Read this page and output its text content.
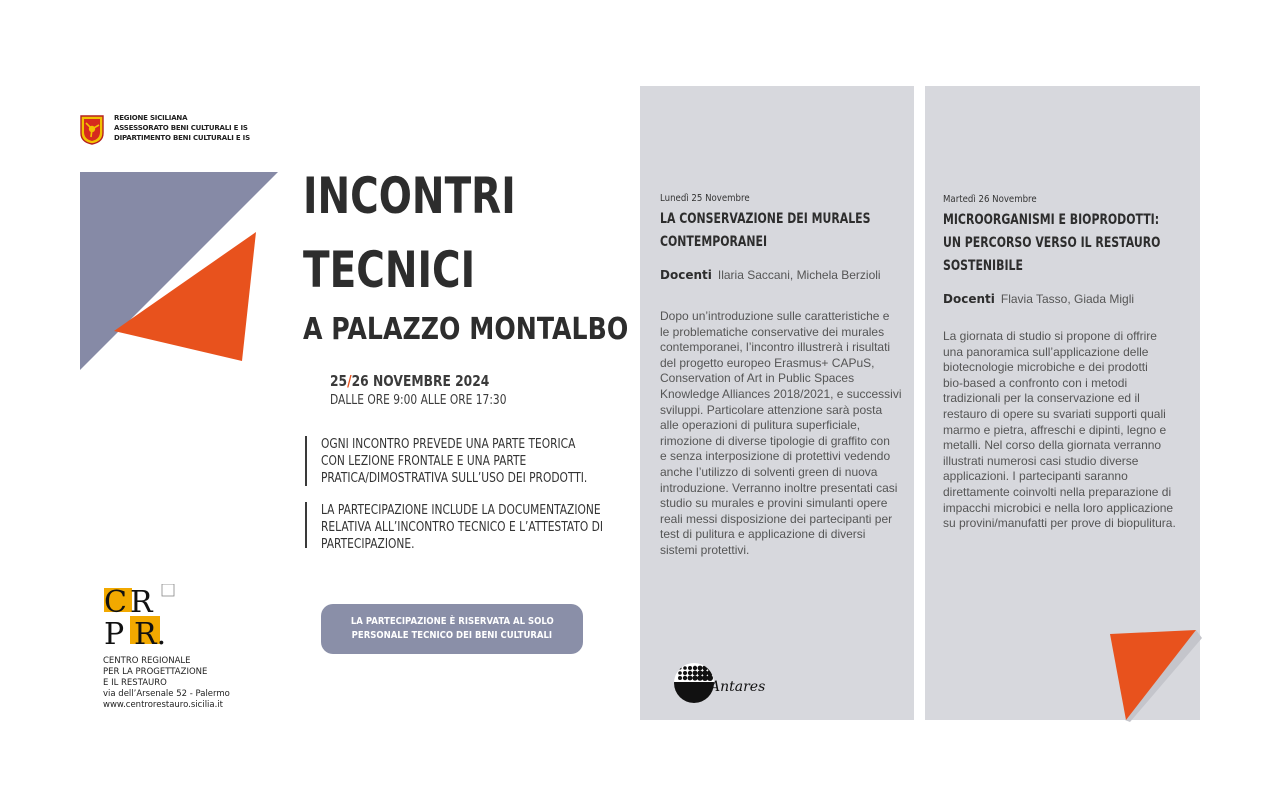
REGIONE SICILIANA
ASSESSORATO BENI CULTURALI E IS
DIPARTIMENTO BENI CULTURALI E IS
INCONTRI
TECNICI
A PALAZZO MONTALBO
25/26 NOVEMBRE 2024
DALLE ORE 9:00 ALLE ORE 17:30
OGNI INCONTRO PREVEDE UNA PARTE TEORICA
CON LEZIONE FRONTALE E UNA PARTE
PRATICA/DIMOSTRATIVA SULL’USO DEI PRODOTTI.
LA PARTECIPAZIONE INCLUDE LA DOCUMENTAZIONE
RELATIVA ALL’INCONTRO TECNICO E L’ATTESTATO DI
PARTECIPAZIONE.
LA PARTECIPAZIONE È RISERVATA AL SOLO
PERSONALE TECNICO DEI BENI CULTURALI
C R
P R.
CENTRO REGIONALE
PER LA PROGETTAZIONE
E IL RESTAURO
via dell’Arsenale 52 - Palermo
www.centrorestauro.sicilia.it
Lunedì 25 Novembre
LA CONSERVAZIONE DEI MURALES
CONTEMPORANEI
Docenti Ilaria Saccani, Michela Berzioli
Dopo un’introduzione sulle caratteristiche e
le problematiche conservative dei murales
contemporanei, l’incontro illustrerà i risultati
del progetto europeo Erasmus+ CAPuS,
Conservation of Art in Public Spaces
Knowledge Alliances 2018/2021, e successivi
sviluppi. Particolare attenzione sarà posta
alle operazioni di pulitura superficiale,
rimozione di diverse tipologie di graffito con
e senza interposizione di protettivi vedendo
anche l’utilizzo di solventi green di nuova
introduzione. Verranno inoltre presentati casi
studio su murales e provini simulanti opere
reali messi disposizione dei partecipanti per
test di pulitura e applicazione di diversi
sistemi protettivi.
Antares
Martedì 26 Novembre
MICROORGANISMI E BIOPRODOTTI:
UN PERCORSO VERSO IL RESTAURO
SOSTENIBILE
Docenti Flavia Tasso, Giada Migli
La giornata di studio si propone di offrire
una panoramica sull’applicazione delle
biotecnologie microbiche e dei prodotti
bio-based a confronto con i metodi
tradizionali per la conservazione ed il
restauro di opere su svariati supporti quali
marmo e pietra, affreschi e dipinti, legno e
metalli. Nel corso della giornata verranno
illustrati numerosi casi studio diverse
applicazioni. I partecipanti saranno
direttamente coinvolti nella preparazione di
impacchi microbici e nella loro applicazione
su provini/manufatti per prove di biopulitura.
